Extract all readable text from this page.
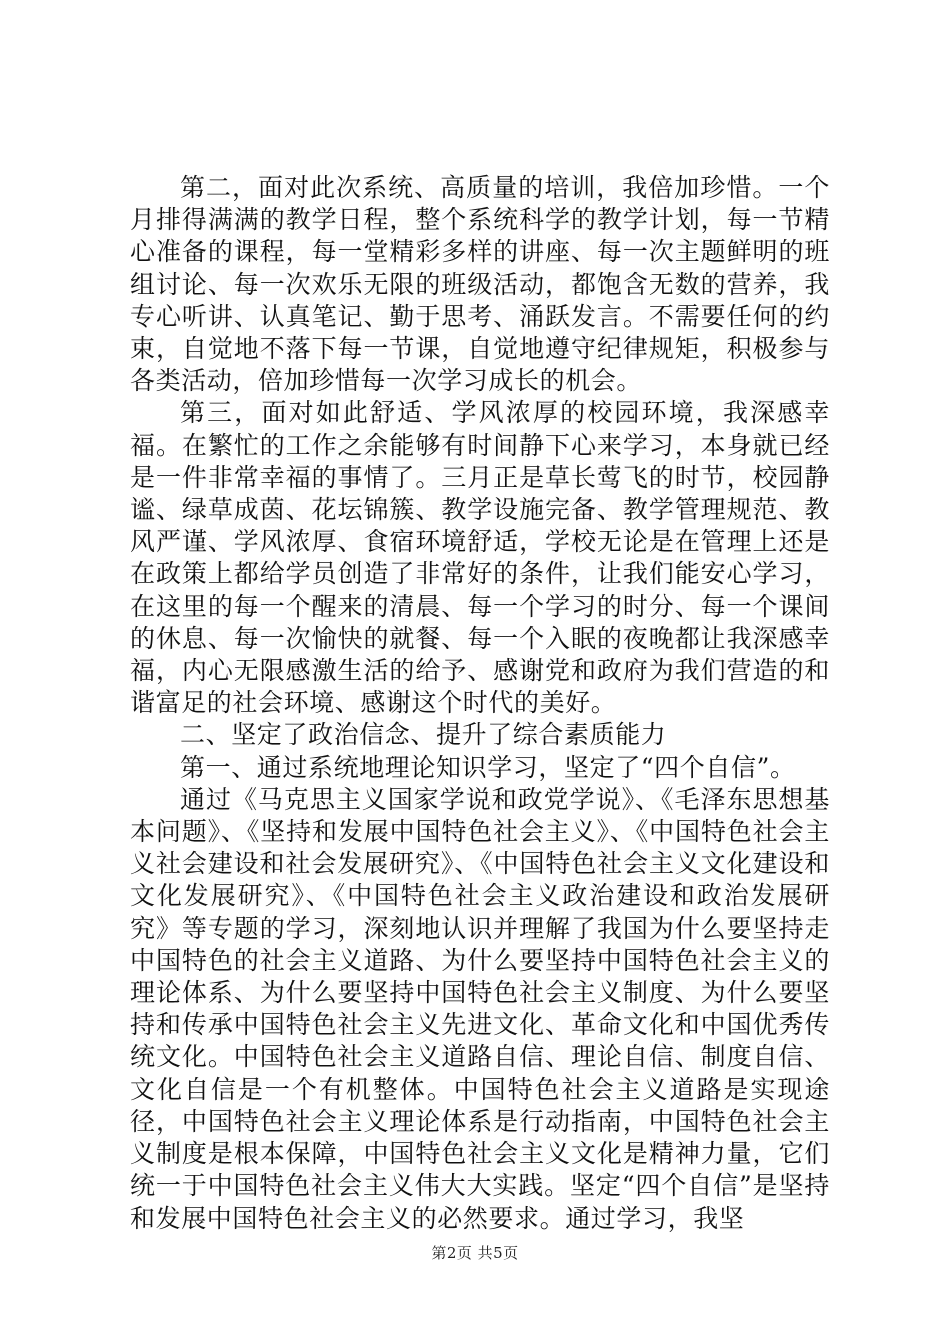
第二，面对此次系统、高质量的培训，我倍加珍惜。一个月排得满满的教学日程，整个系统科学的教学计划，每一节精心准备的课程，每一堂精彩多样的讲座、每一次主题鲜明的班组讨论、每一次欢乐无限的班级活动，都饱含无数的营养，我专心听讲、认真笔记、勤于思考、涌跃发言。不需要任何的约束，自觉地不落下每一节课，自觉地遵守纪律规矩，积极参与各类活动，倍加珍惜每一次学习成长的机会。

第三，面对如此舒适、学风浓厚的校园环境，我深感幸福。在繁忙的工作之余能够有时间静下心来学习，本身就已经是一件非常幸福的事情了。三月正是草长莺飞的时节，校园静谧、绿草成茵、花坛锦簇、教学设施完备、教学管理规范、教风严谨、学风浓厚、食宿环境舒适，学校无论是在管理上还是在政策上都给学员创造了非常好的条件，让我们能安心学习，在这里的每一个醒来的清晨、每一个学习的时分、每一个课间的休息、每一次愉快的就餐、每一个入眠的夜晚都让我深感幸福，内心无限感激生活的给予、感谢党和政府为我们营造的和谐富足的社会环境、感谢这个时代的美好。

二、坚定了政治信念、提升了综合素质能力

第一、通过系统地理论知识学习，坚定了“四个自信”。

通过《马克思主义国家学说和政党学说》、《毛泽东思想基本问题》、《坚持和发展中国特色社会主义》、《中国特色社会主义社会建设和社会发展研究》、《中国特色社会主义文化建设和文化发展研究》、《中国特色社会主义政治建设和政治发展研究》等专题的学习，深刻地认识并理解了我国为什么要坚持走中国特色的社会主义道路、为什么要坚持中国特色社会主义的理论体系、为什么要坚持中国特色社会主义制度、为什么要坚持和传承中国特色社会主义先进文化、革命文化和中国优秀传统文化。中国特色社会主义道路自信、理论自信、制度自信、文化自信是一个有机整体。中国特色社会主义道路是实现途径，中国特色社会主义理论体系是行动指南，中国特色社会主义制度是根本保障，中国特色社会主义文化是精神力量，它们统一于中国特色社会主义伟大大实践。坚定“四个自信”是坚持和发展中国特色社会主义的必然要求。通过学习，我坚

第2页 共5页
